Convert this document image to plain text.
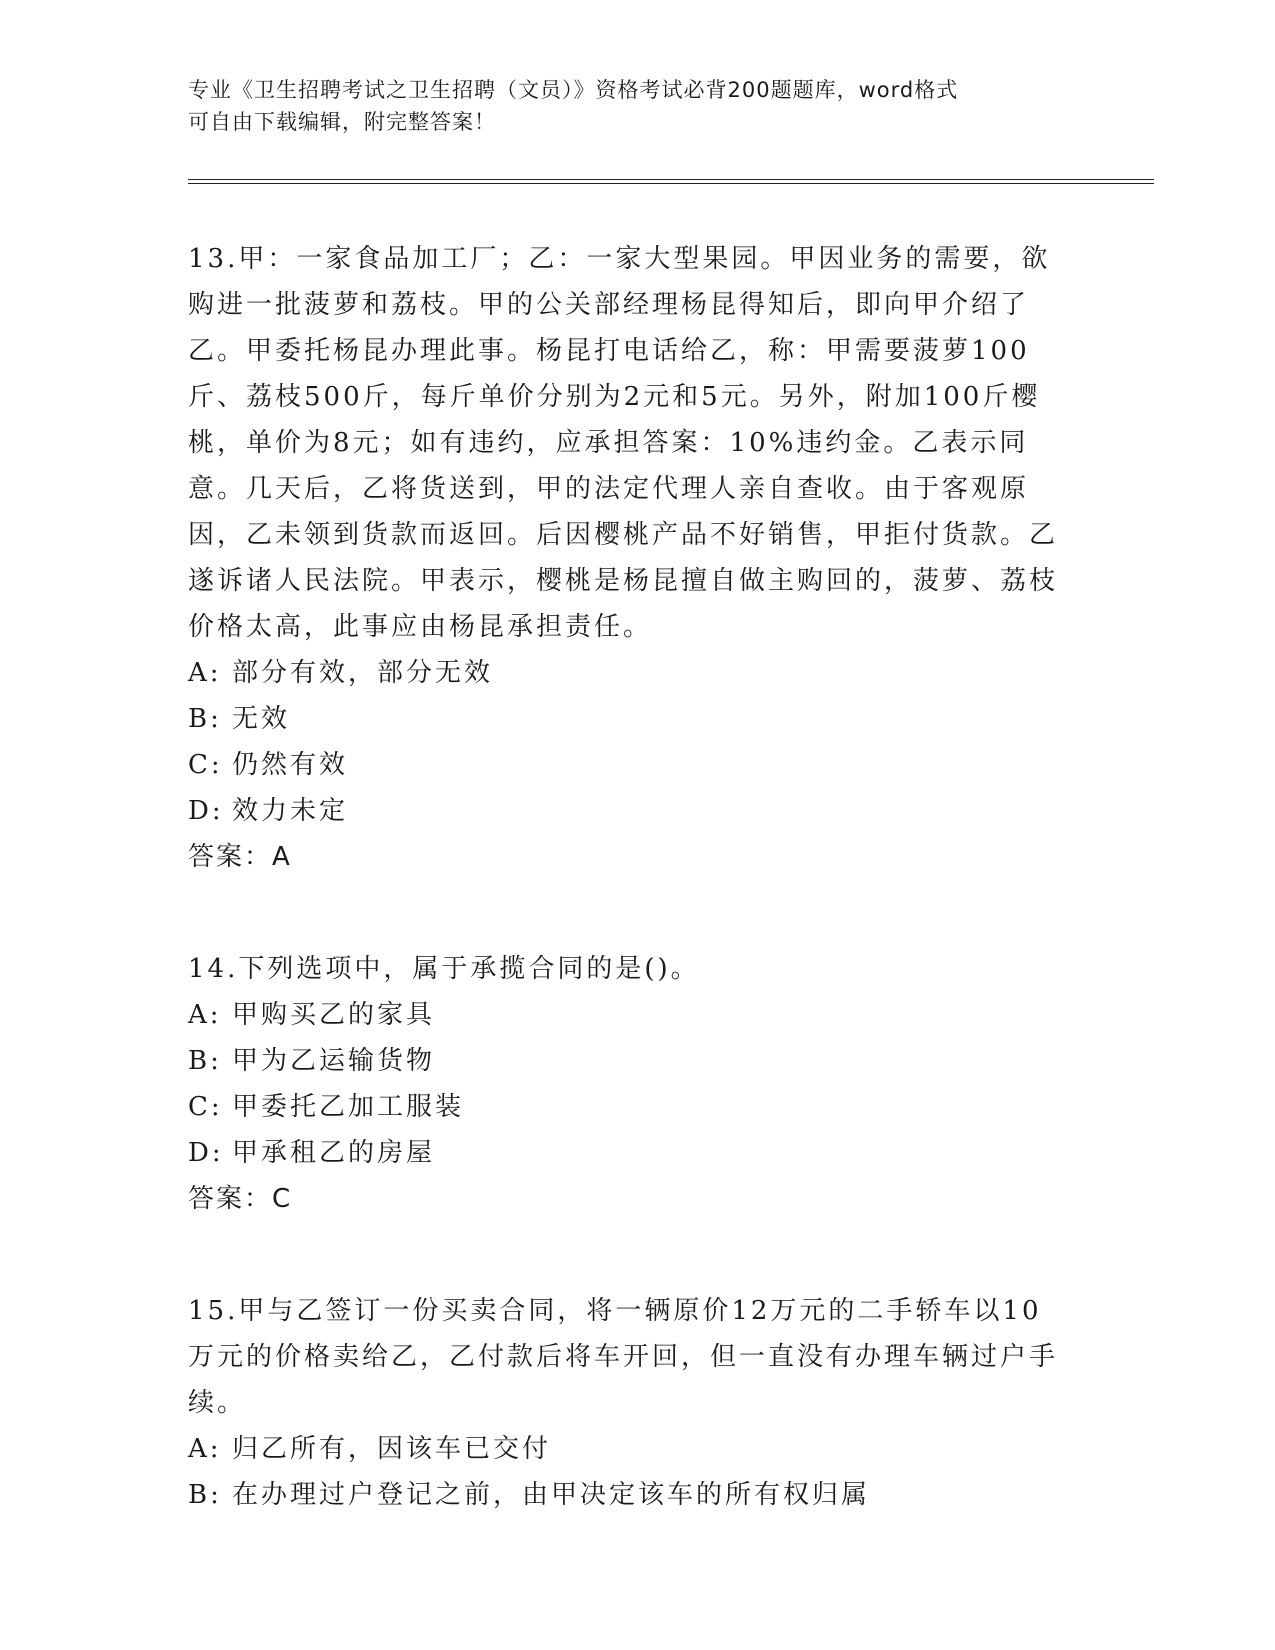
专业《卫生招聘考试之卫生招聘（文员）》资格考试必背200题题库，word格式
可自由下载编辑，附完整答案！

13.甲：一家食品加工厂；乙：一家大型果园。甲因业务的需要，欲购进一批菠萝和荔枝。甲的公关部经理杨昆得知后，即向甲介绍了乙。甲委托杨昆办理此事。杨昆打电话给乙，称：甲需要菠萝100斤、荔枝500斤，每斤单价分别为2元和5元。另外，附加100斤樱桃，单价为8元；如有违约，应承担答案：10%违约金。乙表示同意。几天后，乙将货送到，甲的法定代理人亲自查收。由于客观原因，乙未领到货款而返回。后因樱桃产品不好销售，甲拒付货款。乙遂诉诸人民法院。甲表示，樱桃是杨昆擅自做主购回的，菠萝、荔枝价格太高，此事应由杨昆承担责任。

A: 部分有效，部分无效

B: 无效

C: 仍然有效

D: 效力未定

答案：A

14.下列选项中，属于承揽合同的是()。

A: 甲购买乙的家具

B: 甲为乙运输货物

C: 甲委托乙加工服装

D: 甲承租乙的房屋

答案：C

15.甲与乙签订一份买卖合同，将一辆原价12万元的二手轿车以10万元的价格卖给乙，乙付款后将车开回，但一直没有办理车辆过户手续。

A: 归乙所有，因该车已交付

B: 在办理过户登记之前，由甲决定该车的所有权归属
